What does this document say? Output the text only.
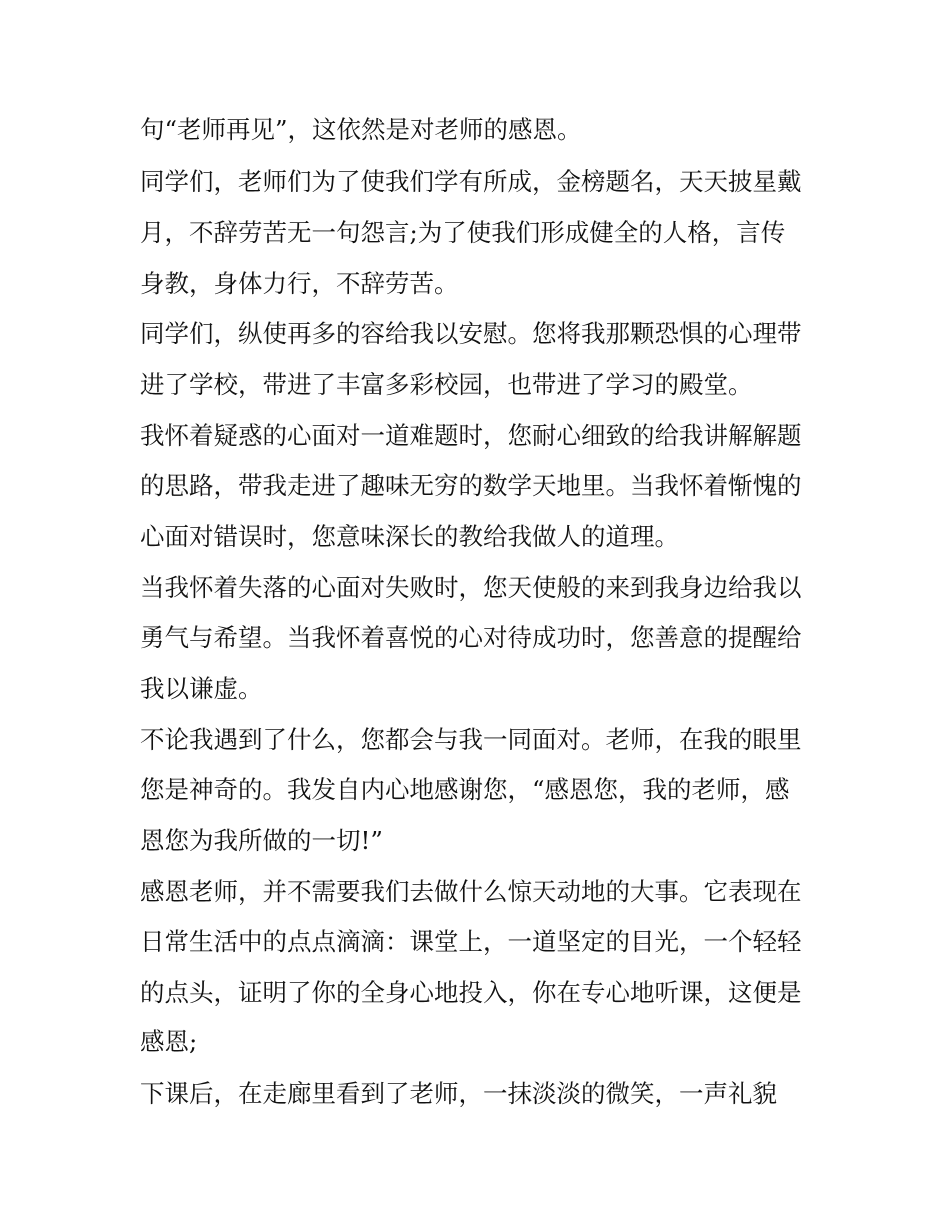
句“老师再见”，这依然是对老师的感恩。
同学们，老师们为了使我们学有所成，金榜题名，天天披星戴
月，不辞劳苦无一句怨言;为了使我们形成健全的人格，言传
身教，身体力行，不辞劳苦。
同学们，纵使再多的容给我以安慰。您将我那颗恐惧的心理带
进了学校，带进了丰富多彩校园，也带进了学习的殿堂。
我怀着疑惑的心面对一道难题时，您耐心细致的给我讲解解题
的思路，带我走进了趣味无穷的数学天地里。当我怀着惭愧的
心面对错误时，您意味深长的教给我做人的道理。
当我怀着失落的心面对失败时，您天使般的来到我身边给我以
勇气与希望。当我怀着喜悦的心对待成功时，您善意的提醒给
我以谦虚。
不论我遇到了什么，您都会与我一同面对。老师，在我的眼里
您是神奇的。我发自内心地感谢您，“感恩您，我的老师，感
恩您为我所做的一切!”
感恩老师，并不需要我们去做什么惊天动地的大事。它表现在
日常生活中的点点滴滴：课堂上，一道坚定的目光，一个轻轻
的点头，证明了你的全身心地投入，你在专心地听课，这便是
感恩;
下课后，在走廊里看到了老师，一抹淡淡的微笑，一声礼貌
